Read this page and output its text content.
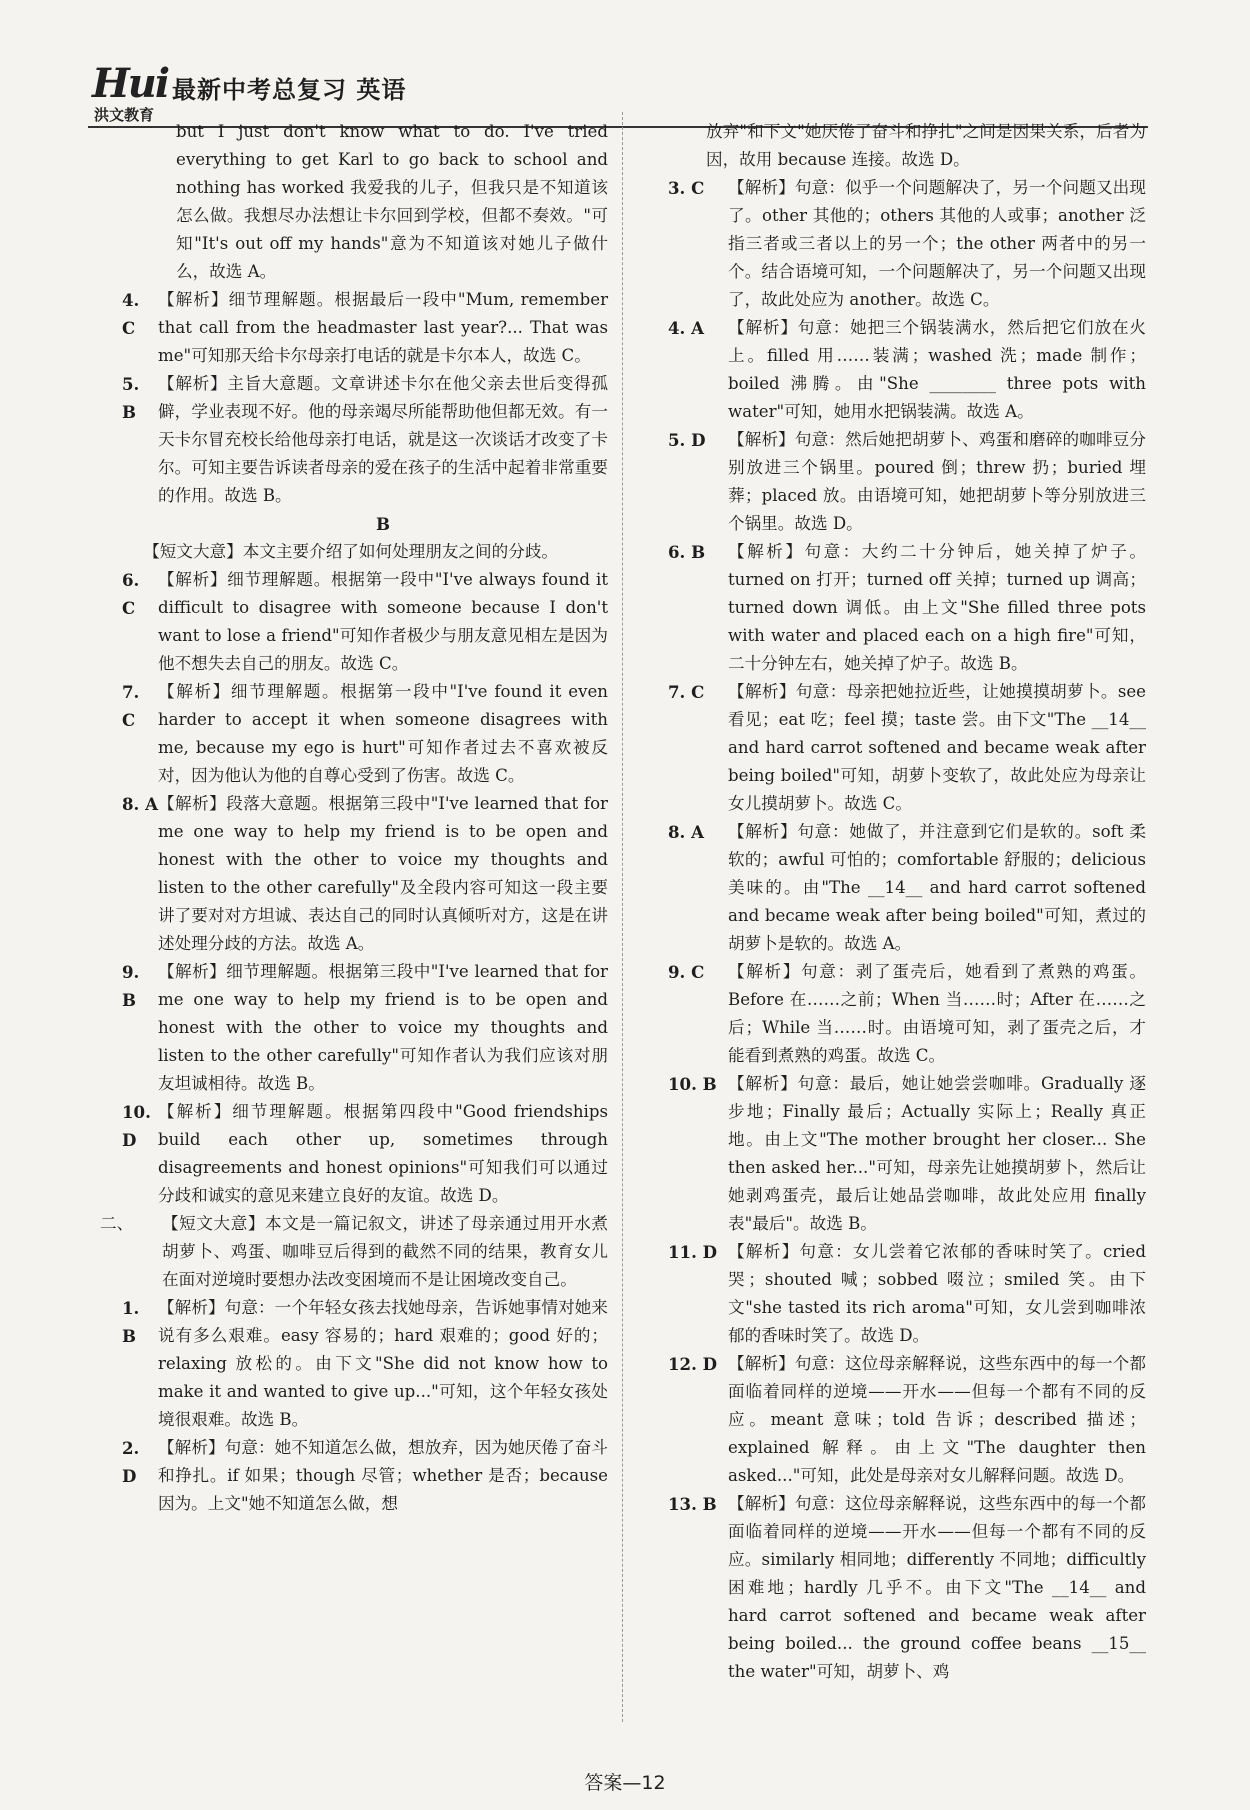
Hui
洪文教育
最新中考总复习 英语

but I just don't know what to do. I've tried everything to get Karl to go back to school and nothing has worked 我爱我的儿子，但我只是不知道该怎么做。我想尽办法想让卡尔回到学校，但都不奏效。"可知"It's out off my hands"意为不知道该对她儿子做什么，故选 A。

4. C
【解析】细节理解题。根据最后一段中"Mum, remember that call from the headmaster last year?... That was me"可知那天给卡尔母亲打电话的就是卡尔本人，故选 C。
5. B
【解析】主旨大意题。文章讲述卡尔在他父亲去世后变得孤僻，学业表现不好。他的母亲竭尽所能帮助他但都无效。有一天卡尔冒充校长给他母亲打电话，就是这一次谈话才改变了卡尔。可知主要告诉读者母亲的爱在孩子的生活中起着非常重要的作用。故选 B。
B

【短文大意】本文主要介绍了如何处理朋友之间的分歧。

6. C
【解析】细节理解题。根据第一段中"I've always found it difficult to disagree with someone because I don't want to lose a friend"可知作者极少与朋友意见相左是因为他不想失去自己的朋友。故选 C。
7. C
【解析】细节理解题。根据第一段中"I've found it even harder to accept it when someone disagrees with me, because my ego is hurt"可知作者过去不喜欢被反对，因为他认为他的自尊心受到了伤害。故选 C。
8. A 【解析】段落大意题。根据第三段中"I've learned that for me one way to help my friend is to be open and honest with the other to voice my thoughts and listen to the other carefully"及全段内容可知这一段主要讲了要对对方坦诚、表达自己的同时认真倾听对方，这是在讲述处理分歧的方法。故选 A。
9. B
【解析】细节理解题。根据第三段中"I've learned that for me one way to help my friend is to be open and honest with the other to voice my thoughts and listen to the other carefully"可知作者认为我们应该对朋友坦诚相待。故选 B。
10. D
【解析】细节理解题。根据第四段中"Good friendships build each other up, sometimes through disagreements and honest opinions"可知我们可以通过分歧和诚实的意见来建立良好的友谊。故选 D。
二、	【短文大意】本文是一篇记叙文，讲述了母亲通过用开水煮胡萝卜、鸡蛋、咖啡豆后得到的截然不同的结果，教育女儿在面对逆境时要想办法改变困境而不是让困境改变自己。
1. B
【解析】句意：一个年轻女孩去找她母亲，告诉她事情对她来说有多么艰难。easy 容易的；hard 艰难的；good 好的；relaxing 放松的。由下文"She did not know how to make it and wanted to give up..."可知，这个年轻女孩处境很艰难。故选 B。
2. D
【解析】句意：她不知道怎么做，想放弃，因为她厌倦了奋斗和挣扎。if 如果；though 尽管；whether 是否；because 因为。上文"她不知道怎么做，想

放弃"和下文"她厌倦了奋斗和挣扎"之间是因果关系，后者为因，故用 because 连接。故选 D。

3. C	【解析】句意：似乎一个问题解决了，另一个问题又出现了。other 其他的；others 其他的人或事；another 泛指三者或三者以上的另一个；the other 两者中的另一个。结合语境可知，一个问题解决了，另一个问题又出现了，故此处应为 another。故选 C。
4. A	【解析】句意：她把三个锅装满水，然后把它们放在火上。filled 用……装满；washed 洗；made 制作；boiled 沸腾。由"She ________ three pots with water"可知，她用水把锅装满。故选 A。
5. D	【解析】句意：然后她把胡萝卜、鸡蛋和磨碎的咖啡豆分别放进三个锅里。poured 倒；threw 扔；buried 埋葬；placed 放。由语境可知，她把胡萝卜等分别放进三个锅里。故选 D。
6. B	【解析】句意：大约二十分钟后，她关掉了炉子。turned on 打开；turned off 关掉；turned up 调高；turned down 调低。由上文"She filled three pots with water and placed each on a high fire"可知，二十分钟左右，她关掉了炉子。故选 B。
7. C	【解析】句意：母亲把她拉近些，让她摸摸胡萝卜。see 看见；eat 吃；feel 摸；taste 尝。由下文"The __14__ and hard carrot softened and became weak after being boiled"可知，胡萝卜变软了，故此处应为母亲让女儿摸胡萝卜。故选 C。
8. A	【解析】句意：她做了，并注意到它们是软的。soft 柔软的；awful 可怕的；comfortable 舒服的；delicious 美味的。由"The __14__ and hard carrot softened and became weak after being boiled"可知，煮过的胡萝卜是软的。故选 A。
9. C	【解析】句意：剥了蛋壳后，她看到了煮熟的鸡蛋。Before 在……之前；When 当……时；After 在……之后；While 当……时。由语境可知，剥了蛋壳之后，才能看到煮熟的鸡蛋。故选 C。
10. B 【解析】句意：最后，她让她尝尝咖啡。Gradually 逐步地；Finally 最后；Actually 实际上；Really 真正地。由上文"The mother brought her closer... She then asked her..."可知，母亲先让她摸胡萝卜，然后让她剥鸡蛋壳，最后让她品尝咖啡，故此处应用 finally 表"最后"。故选 B。
11. D 【解析】句意：女儿尝着它浓郁的香味时笑了。cried 哭；shouted 喊；sobbed 啜泣；smiled 笑。由下文"she tasted its rich aroma"可知，女儿尝到咖啡浓郁的香味时笑了。故选 D。
12. D 【解析】句意：这位母亲解释说，这些东西中的每一个都面临着同样的逆境——开水——但每一个都有不同的反应。meant 意味；told 告诉；described 描述；explained 解释。由上文"The daughter then asked..."可知，此处是母亲对女儿解释问题。故选 D。
13. B 【解析】句意：这位母亲解释说，这些东西中的每一个都面临着同样的逆境——开水——但每一个都有不同的反应。similarly 相同地；differently 不同地；difficultly 困难地；hardly 几乎不。由下文"The __14__ and hard carrot softened and became weak after being boiled... the ground coffee beans __15__ the water"可知，胡萝卜、鸡
答案—12
